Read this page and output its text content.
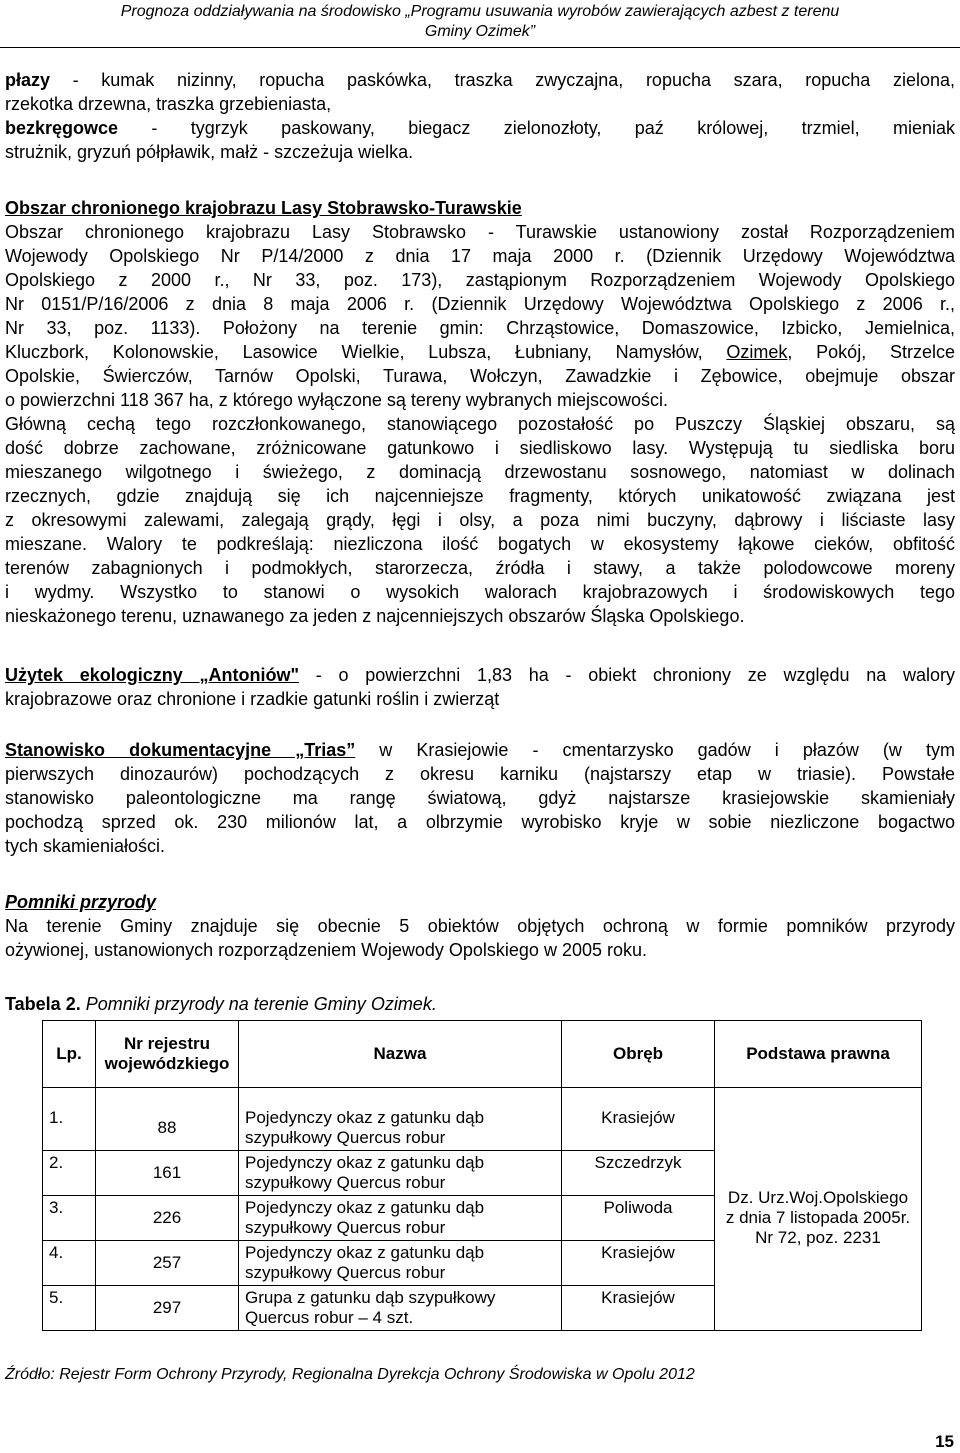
Prognoza oddziaływania na środowisko „Programu usuwania wyrobów zawierających azbest z terenu
Gminy Ozimek”
płazy - kumak nizinny, ropucha paskówka, traszka zwyczajna, ropucha szara, ropucha zielona,
rzekotka drzewna, traszka grzebieniasta,
bezkręgowce - tygrzyk paskowany, biegacz zielonozłoty, paź królowej, trzmiel, mieniak
strużnik, gryzuń półpławik, małż - szczeżuja wielka.
Obszar chronionego krajobrazu Lasy Stobrawsko-Turawskie
Obszar chronionego krajobrazu Lasy Stobrawsko - Turawskie ustanowiony został Rozporządzeniem
Wojewody Opolskiego Nr P/14/2000 z dnia 17 maja 2000 r. (Dziennik Urzędowy Województwa
Opolskiego z 2000 r., Nr 33, poz. 173), zastąpionym Rozporządzeniem Wojewody Opolskiego
Nr 0151/P/16/2006 z dnia 8 maja 2006 r. (Dziennik Urzędowy Województwa Opolskiego z 2006 r.,
Nr 33, poz. 1133). Położony na terenie gmin: Chrząstowice, Domaszowice, Izbicko, Jemielnica,
Kluczbork, Kolonowskie, Lasowice Wielkie, Lubsza, Łubniany, Namysłów, Ozimek, Pokój, Strzelce
Opolskie, Świerczów, Tarnów Opolski, Turawa, Wołczyn, Zawadzkie i Zębowice, obejmuje obszar
o powierzchni 118 367 ha, z którego wyłączone są tereny wybranych miejscowości.
Główną cechą tego rozczłonkowanego, stanowiącego pozostałość po Puszczy Śląskiej obszaru, są
dość dobrze zachowane, zróżnicowane gatunkowo i siedliskowo lasy. Występują tu siedliska boru
mieszanego wilgotnego i świeżego, z dominacją drzewostanu sosnowego, natomiast w dolinach
rzecznych, gdzie znajdują się ich najcenniejsze fragmenty, których unikatowość związana jest
z okresowymi zalewami, zalegają grądy, łęgi i olsy, a poza nimi buczyny, dąbrowy i liściaste lasy
mieszane. Walory te podkreślają: niezliczona ilość bogatych w ekosystemy łąkowe cieków, obfitość
terenów zabagnionych i podmokłych, starorzecza, źródła i stawy, a także polodowcowe moreny
i wydmy. Wszystko to stanowi o wysokich walorach krajobrazowych i środowiskowych tego
nieskażonego terenu, uznawanego za jeden z najcenniejszych obszarów Śląska Opolskiego.
Użytek ekologiczny „Antoniów" - o powierzchni 1,83 ha - obiekt chroniony ze względu na walory
krajobrazowe oraz chronione i rzadkie gatunki roślin i zwierząt
Stanowisko dokumentacyjne „Trias” w Krasiejowie - cmentarzysko gadów i płazów (w tym
pierwszych dinozaurów) pochodzących z okresu karniku (najstarszy etap w triasie). Powstałe
stanowisko paleontologiczne ma rangę światową, gdyż najstarsze krasiejowskie skamieniały
pochodzą sprzed ok. 230 milionów lat, a olbrzymie wyrobisko kryje w sobie niezliczone bogactwo
tych skamieniałości.
Pomniki przyrody
Na terenie Gminy znajduje się obecnie 5 obiektów objętych ochroną w formie pomników przyrody
ożywionej, ustanowionych rozporządzeniem Wojewody Opolskiego w 2005 roku.
Tabela 2. Pomniki przyrody na terenie Gminy Ozimek.
Lp.	Nr rejestru wojewódzkiego	Nazwa	Obręb	Podstawa prawna
1.	88	Pojedynczy okaz z gatunku dąb
szypułkowy Quercus robur	Krasiejów	Dz. Urz.Woj.Opolskiego
z dnia 7 listopada 2005r.
Nr 72, poz. 2231
2.	161	Pojedynczy okaz z gatunku dąb
szypułkowy Quercus robur	Szczedrzyk	
3.	226	Pojedynczy okaz z gatunku dąb
szypułkowy Quercus robur	Poliwoda	
4.	257	Pojedynczy okaz z gatunku dąb
szypułkowy Quercus robur	Krasiejów	
5.	297	Grupa z gatunku dąb szypułkowy
Quercus robur – 4 szt.	Krasiejów	
Źródło: Rejestr Form Ochrony Przyrody, Regionalna Dyrekcja Ochrony Środowiska w Opolu 2012
15
